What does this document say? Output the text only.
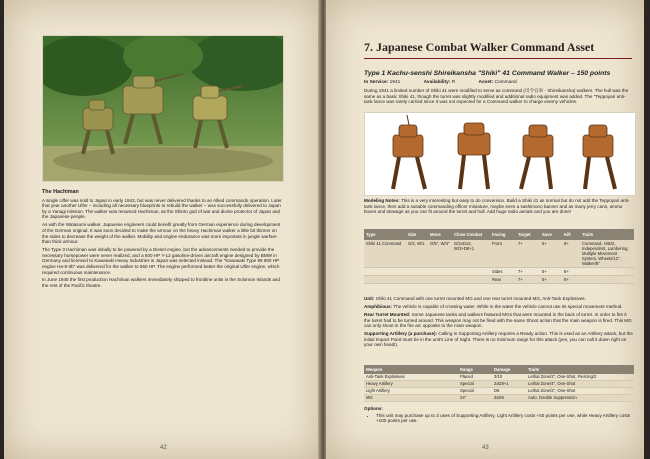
The Hachiman

A single Ulfer was sold to Japan in early 1943, but was never delivered thanks to an Allied commando operation. Later that year another Ulfer – including all necessary blueprints to rebuild the walker – was successfully delivered to Japan by a Yanagi mission. The walker was renamed Hachiman, as the Shinto god of war and divine protector of Japan and the Japanese people.

As with the Watasumi walker, Japanese engineers could benefit greatly from German experience during development of the German original. It was soon decided to make the armour on the heavy Hachiman walker a little bit thinner on the sides to decrease the weight of the walker. Mobility and engine endurance was more important in jungle warfare than thick armour.

The Type 3 Hachiman was initially to be powered by a Diesel engine, but the advancements needed to provide the necessary horsepower were never realized, and a 600 HP Y-12 gasoline-driven aircraft engine designed by BMW in Germany and licensed to Kawasaki Heavy Industries in Japan was selected instead. The "Kawasaki Type 99 600 HP engine Ha-9-IIb" was delivered for the walker to 550 HP. The engine performed better the original Ulfer engine, which required continuous maintenance.

In June 1945 the first production Hachiman walkers immediately shipped to frontline units in the Solomon Islands and the rest of the Pacific theatre.

42
7. Japanese Combat Walker Command Asset
Type 1 Kachu-senshi Shireikansha "Shiki" 41 Command Walker – 150 points
In Service: 1941	Availability: R	Asset: Command
During 1941 a limited number of Shiki 41 were modified to serve as command (司令官車 - Shireikansha) walkers. The hull was the same as a basic Shiki 41, though the turret was slightly modified and additional radio equipment was added. The "Teppoyari anti-tank lance was rarely carried since it was not expected for a Command walker to charge enemy vehicles.
Modeling Notes: This is a very interesting but easy to do conversion. Build a Shiki 41 as normal but do not add the Teppoyari anti-tank lance, then add a suitable commanding officer miniature, maybe even a sashimono banner and as many jerry cans, ammo boxes and stowage as you can fit around the turret and hull. Add huge radio aerials and you are done!
Type	Size	Move	Close Combat	Facing	Target	Save	Kill	Traits
Shiki 41 Command	G/2, W/1	G/5", W/4"	G/2xD12, W/3+D8+1	Front	7+	5+	8+	Command, Hits/2, Independent, Lumbering, Multiple Movement System, Wheels/12", Walker/8"
				Sides	7+	5+	8+	
				Rear	7+	5+	8+	

Unit: Shiki 41 Command with one turret mounted MG and one rear turret mounted MG, Anti-Tank Explosives.

Amphibious: The vehicle is capable of crossing water. While in the water the vehicle cannot use its special movement method.

Rear Turret Mounted: Some Japanese tanks and walkers featured MGs that were mounted in the back of turret. In order to fire it the turret had to be turned around. This weapon may not be fired with the same Shoot action that the main weapon is fired. This MG can only shoot in the fire arc opposite to the main weapon.

Supporting Artillery (a purchase): Calling in Supporting Artillery requires a Ready action. This is used as an Artillery attack, but the initial Impact Point must be in the unit's Line of Sight. There is no minimum range for this attack (yes, you can call it down right on your own head!).

Weapon	Range	Damage	Traits
Anti-Tank Explosives	Placed	3/10	Lethal Zone/2", One-Shot, Piercing/2
Heavy Artillery	Special	2xD8+1	Lethal Zone/4", One-Shot
Light Artillery	Special	D6	Lethal Zone/2", One-Shot
MG	24"	3xD6	Auto, Double Suppression
Options:
• This unit may purchase up to 3 uses of Supporting Artillery. Light Artillery costs +50 points per use, while Heavy Artillery costs +100 points per use.
43
